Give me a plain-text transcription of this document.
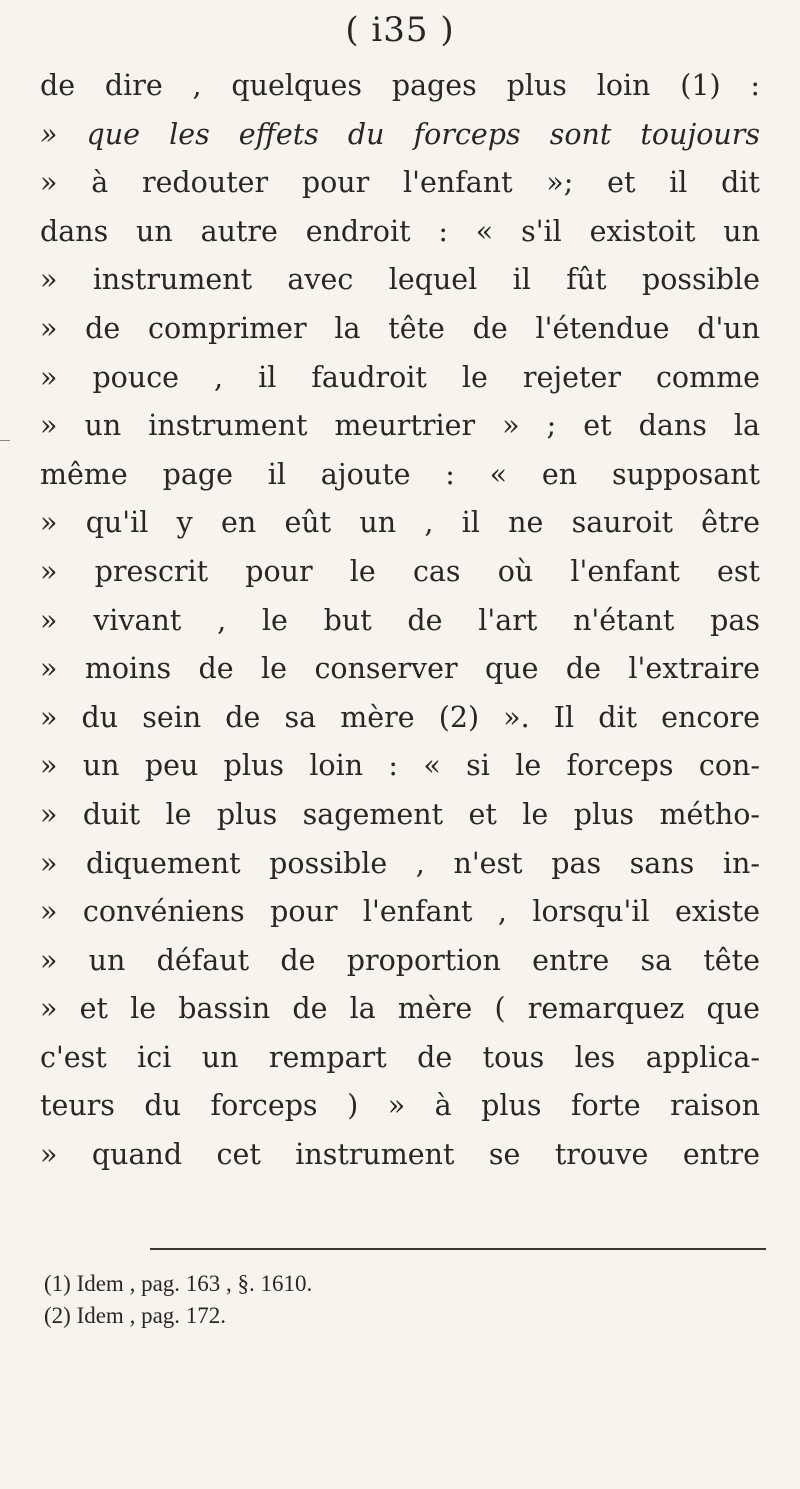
( i35 )
de dire , quelques pages plus loin (1) :
» que les effets du forceps sont toujours
» à redouter pour l'enfant »; et il dit
dans un autre endroit : « s'il existoit un
» instrument avec lequel il fût possible
» de comprimer la tête de l'étendue d'un
» pouce , il faudroit le rejeter comme
» un instrument meurtrier » ; et dans la
même page il ajoute : « en supposant
» qu'il y en eût un , il ne sauroit être
» prescrit pour le cas où l'enfant est
» vivant , le but de l'art n'étant pas
» moins de le conserver que de l'extraire
» du sein de sa mère (2) ». Il dit encore
» un peu plus loin : « si le forceps con-
» duit le plus sagement et le plus métho-
» diquement possible , n'est pas sans in-
» convéniens pour l'enfant , lorsqu'il existe
» un défaut de proportion entre sa tête
» et le bassin de la mère ( remarquez que
c'est ici un rempart de tous les applica-
teurs du forceps ) » à plus forte raison
» quand cet instrument se trouve entre
(1) Idem , pag. 163 , §. 1610.
(2) Idem , pag. 172.
